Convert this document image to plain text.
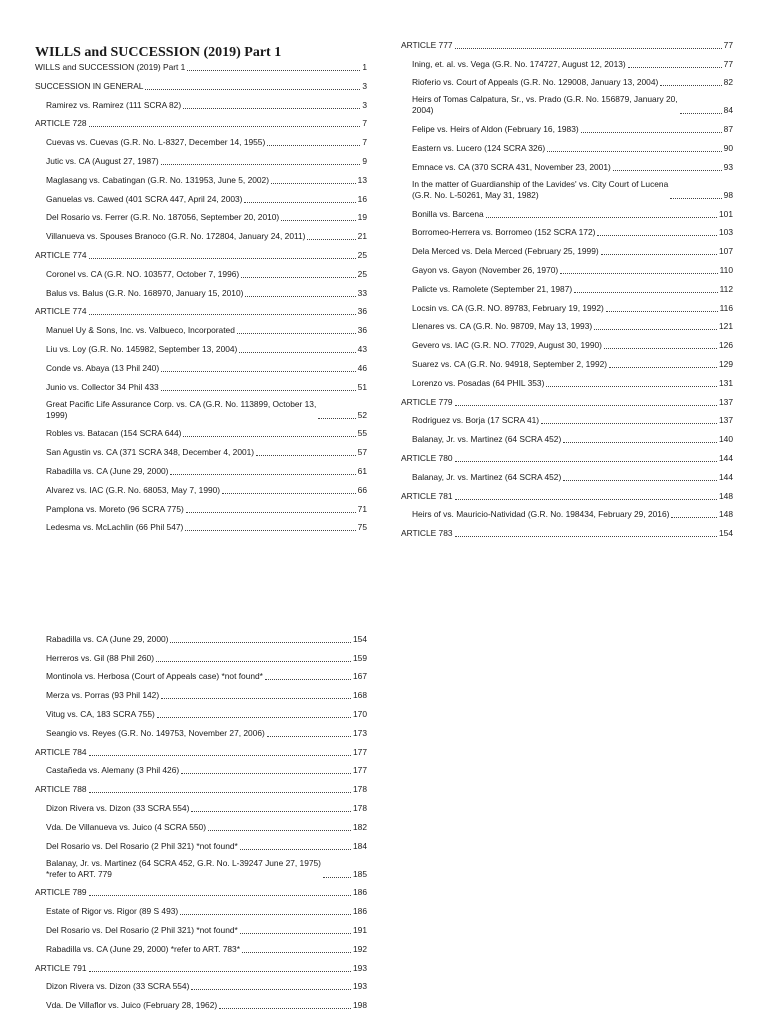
WILLS and SUCCESSION (2019) Part 1
WILLS and SUCCESSION (2019) Part 1	1
SUCCESSION IN GENERAL	3
Ramirez vs. Ramirez (111 SCRA 82)	3
ARTICLE 728	7
Cuevas vs. Cuevas (G.R. No. L-8327, December 14, 1955)	7
Jutic vs. CA (August 27, 1987)	9
Maglasang vs. Cabatingan (G.R. No. 131953, June 5, 2002)	13
Ganuelas vs. Cawed (401 SCRA 447, April 24, 2003)	16
Del Rosario vs. Ferrer (G.R. No. 187056, September 20, 2010)	19
Villanueva vs. Spouses Branoco (G.R. No. 172804, January 24, 2011)	21
ARTICLE 774	25
Coronel vs. CA (G.R. NO. 103577, October 7, 1996)	25
Balus vs. Balus (G.R. No. 168970, January 15, 2010)	33
ARTICLE 774	36
Manuel Uy & Sons, Inc. vs. Valbueco, Incorporated	36
Liu vs. Loy (G.R. No. 145982, September 13, 2004)	43
Conde vs. Abaya (13 Phil 240)	46
Junio vs. Collector 34 Phil 433	51
Great Pacific Life Assurance Corp. vs. CA (G.R. No. 113899, October 13,
1999)	52
Robles vs. Batacan (154 SCRA 644)	55
San Agustin vs. CA (371 SCRA 348, December 4, 2001)	57
Rabadilla vs. CA (June 29, 2000)	61
Alvarez vs. IAC (G.R. No. 68053, May 7, 1990)	66
Pamplona vs. Moreto (96 SCRA 775)	71
Ledesma vs. McLachlin (66 Phil 547)	75
ARTICLE 777	77
Ining, et. al. vs. Vega (G.R. No. 174727, August 12, 2013)	77
Rioferio vs. Court of Appeals (G.R. No. 129008, January 13, 2004)	82
Heirs of Tomas Calpatura, Sr., vs. Prado (G.R. No. 156879, January 20,
2004)	84
Felipe vs. Heirs of Aldon (February 16, 1983)	87
Eastern vs. Lucero (124 SCRA 326)	90
Emnace vs. CA (370 SCRA 431, November 23, 2001)	93
In the matter of Guardianship of the Lavides' vs. City Court of Lucena
(G.R. No. L-50261, May 31, 1982)	98
Bonilla vs. Barcena	101
Borromeo-Herrera vs. Borromeo (152 SCRA 172)	103
Dela Merced vs. Dela Merced (February 25, 1999)	107
Gayon vs. Gayon (November 26, 1970)	110
Palicte vs. Ramolete (September 21, 1987)	112
Locsin vs. CA (G.R. NO. 89783, February 19, 1992)	116
Llenares vs. CA (G.R. No. 98709, May 13, 1993)	121
Gevero vs. IAC (G.R. NO. 77029, August 30, 1990)	126
Suarez vs. CA (G.R. No. 94918, September 2, 1992)	129
Lorenzo vs. Posadas (64 PHIL 353)	131
ARTICLE 779	137
Rodriguez vs. Borja (17 SCRA 41)	137
Balanay, Jr. vs. Martinez (64 SCRA 452)	140
ARTICLE 780	144
Balanay, Jr. vs. Martinez (64 SCRA 452)	144
ARTICLE 781	148
Heirs of vs. Mauricio-Natividad (G.R. No. 198434, February 29, 2016)	148
ARTICLE 783	154
Rabadilla vs. CA (June 29, 2000)	154
Herreros vs. Gil (88 Phil 260)	159
Montinola vs. Herbosa (Court of Appeals case) *not found*	167
Merza vs. Porras (93 Phil 142)	168
Vitug vs. CA, 183 SCRA 755)	170
Seangio vs. Reyes (G.R. No. 149753, November 27, 2006)	173
ARTICLE 784	177
Castañeda vs. Alemany (3 Phil 426)	177
ARTICLE 788	178
Dizon Rivera vs. Dizon (33 SCRA 554)	178
Vda. De Villanueva vs. Juico (4 SCRA 550)	182
Del Rosario vs. Del Rosario (2 Phil 321) *not found*	184
Balanay, Jr. vs. Martinez (64 SCRA 452, G.R. No. L-39247 June 27, 1975)
*refer to ART. 779	185
ARTICLE 789	186
Estate of Rigor vs. Rigor (89 S 493)	186
Del Rosario vs. Del Rosario (2 Phil 321) *not found*	191
Rabadilla vs. CA (June 29, 2000) *refer to ART. 783*	192
ARTICLE 791	193
Dizon Rivera vs. Dizon (33 SCRA 554)	193
Vda. De Villaflor vs. Juico (February 28, 1962)	198
